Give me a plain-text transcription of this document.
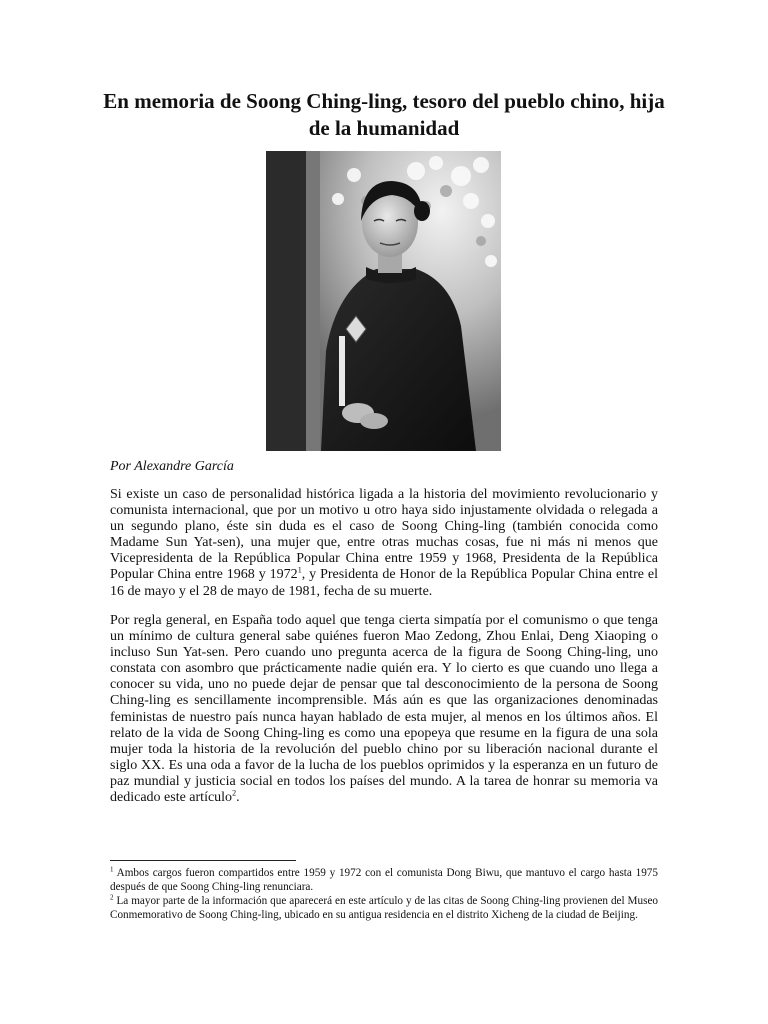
En memoria de Soong Ching-ling, tesoro del pueblo chino, hija de la humanidad

Por Alexandre García

Si existe un caso de personalidad histórica ligada a la historia del movimiento revolucionario y comunista internacional, que por un motivo u otro haya sido injustamente olvidada o relegada a un segundo plano, éste sin duda es el caso de Soong Ching-ling (también conocida como Madame Sun Yat-sen), una mujer que, entre otras muchas cosas, fue ni más ni menos que Vicepresidenta de la República Popular China entre 1959 y 1968, Presidenta de la República Popular China entre 1968 y 1972$^1$, y Presidenta de Honor de la República Popular China entre el 16 de mayo y el 28 de mayo de 1981, fecha de su muerte.

Por regla general, en España todo aquel que tenga cierta simpatía por el comunismo o que tenga un mínimo de cultura general sabe quiénes fueron Mao Zedong, Zhou Enlai, Deng Xiaoping o incluso Sun Yat-sen. Pero cuando uno pregunta acerca de la figura de Soong Ching-ling, uno constata con asombro que prácticamente nadie quién era. Y lo cierto es que cuando uno llega a conocer su vida, uno no puede dejar de pensar que tal desconocimiento de la persona de Soong Ching-ling es sencillamente incomprensible. Más aún es que las organizaciones denominadas feministas de nuestro país nunca hayan hablado de esta mujer, al menos en los últimos años. El relato de la vida de Soong Ching-ling es como una epopeya que resume en la figura de una sola mujer toda la historia de la revolución del pueblo chino por su liberación nacional durante el siglo XX. Es una oda a favor de la lucha de los pueblos oprimidos y la esperanza en un futuro de paz mundial y justicia social en todos los países del mundo. A la tarea de honrar su memoria va dedicado este artículo$^2$.

$^1$ Ambos cargos fueron compartidos entre 1959 y 1972 con el comunista Dong Biwu, que mantuvo el cargo hasta 1975 después de que Soong Ching-ling renunciara.

$^2$ La mayor parte de la información que aparecerá en este artículo y de las citas de Soong Ching-ling provienen del Museo Conmemorativo de Soong Ching-ling, ubicado en su antigua residencia en el distrito Xicheng de la ciudad de Beijing.
